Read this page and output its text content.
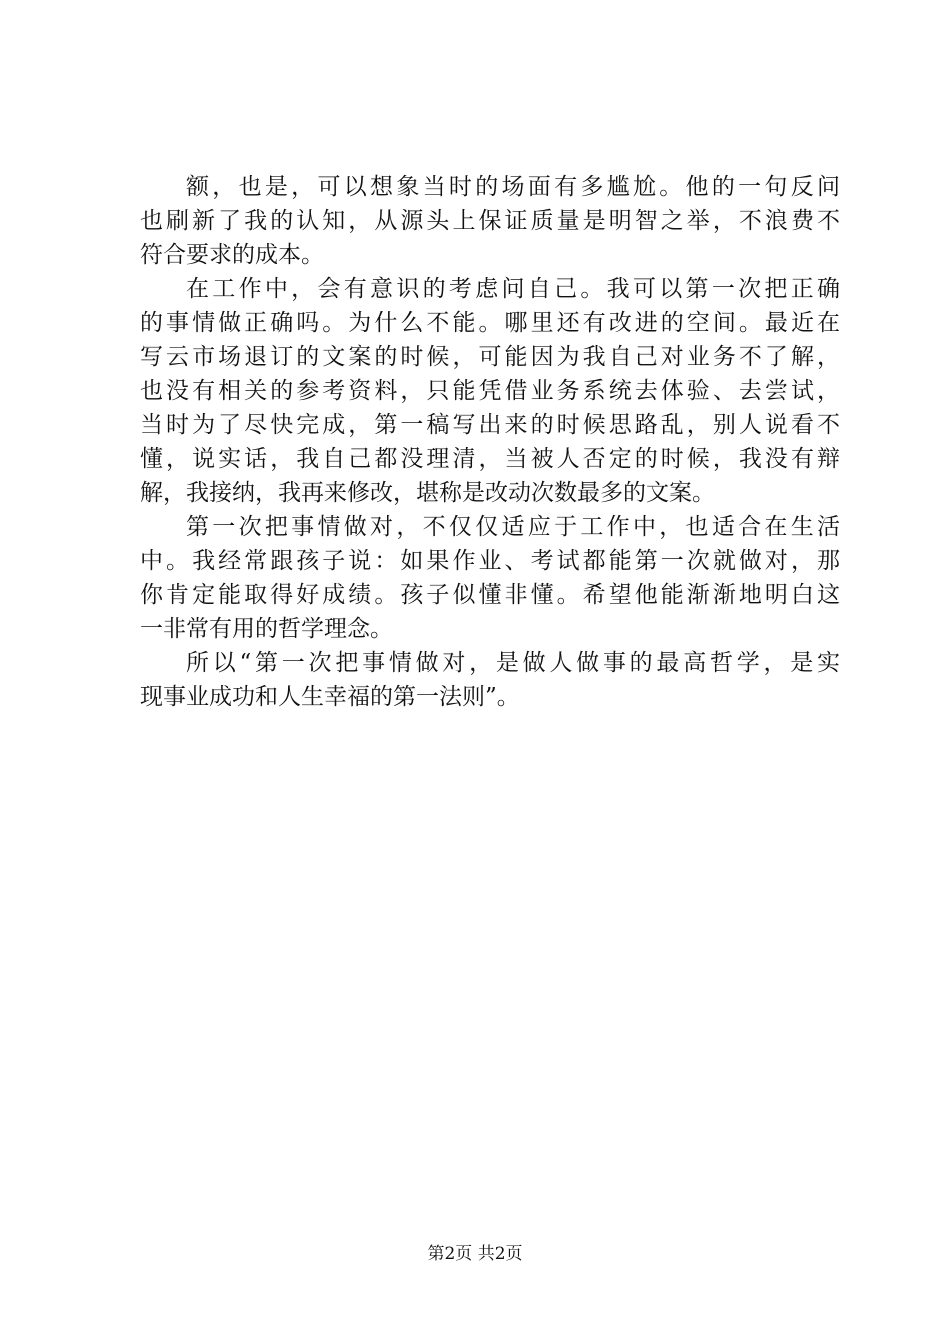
额，也是，可以想象当时的场面有多尴尬。他的一句反问
也刷新了我的认知，从源头上保证质量是明智之举，不浪费不
符合要求的成本。
在工作中，会有意识的考虑问自己。我可以第一次把正确
的事情做正确吗。为什么不能。哪里还有改进的空间。最近在
写云市场退订的文案的时候，可能因为我自己对业务不了解，
也没有相关的参考资料，只能凭借业务系统去体验、去尝试，
当时为了尽快完成，第一稿写出来的时候思路乱，别人说看不
懂，说实话，我自己都没理清，当被人否定的时候，我没有辩
解，我接纳，我再来修改，堪称是改动次数最多的文案。
第一次把事情做对，不仅仅适应于工作中，也适合在生活
中。我经常跟孩子说：如果作业、考试都能第一次就做对，那
你肯定能取得好成绩。孩子似懂非懂。希望他能渐渐地明白这
一非常有用的哲学理念。
所以“第一次把事情做对，是做人做事的最高哲学，是实
现事业成功和人生幸福的第一法则”。
第2页 共2页
